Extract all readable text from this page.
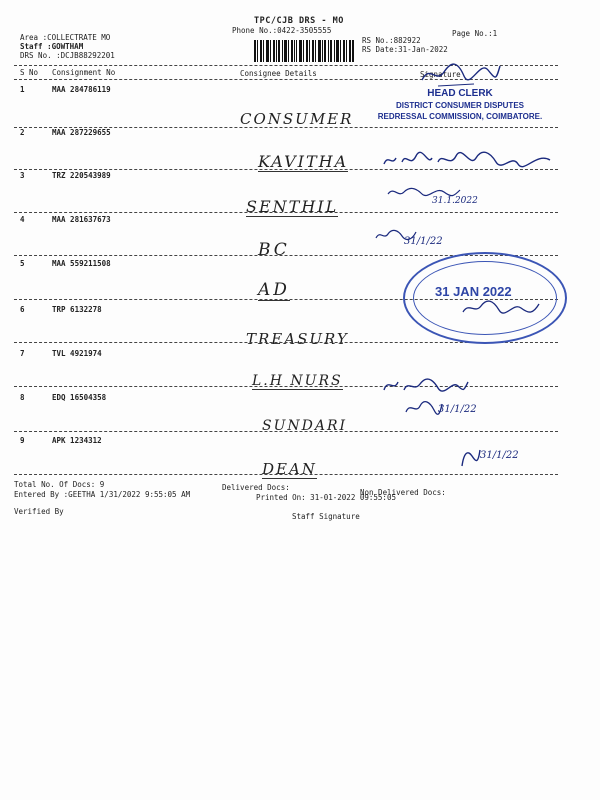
TPC/CJB DRS - MO
Phone No.:0422-3505555	Page No.:1
Area :COLLECTRATE MO
Staff :GOWTHAM
DRS No. :DCJB88292201
RS No.:882922
RS Date:31-Jan-2022
S No Consignment No	Consignee Details	Signature
1	MAA 284786119
CONSUMER
2	MAA 287229655
KAVITHA
3	TRZ 220543989
SENTHIL
4	MAA 281637673
BC
5	MAA 559211508
AD
6	TRP 6132278
TREASURY
7	TVL 4921974
L.H NURS
8	EDQ 16504358
SUNDARI
9	APK 1234312
DEAN
HEAD CLERK
DISTRICT CONSUMER DISPUTES
REDRESSAL COMMISSION, COIMBATORE.
31.1.2022
31/1/22
31 JAN 2022
31/1/22
31/1/22
Total No. Of Docs: 9	Delivered Docs:
Non Delivered Docs:
Entered By :GEETHA 1/31/2022 9:55:05 AM	Printed On: 31-01-2022 09:55:05
Verified By
Staff Signature
